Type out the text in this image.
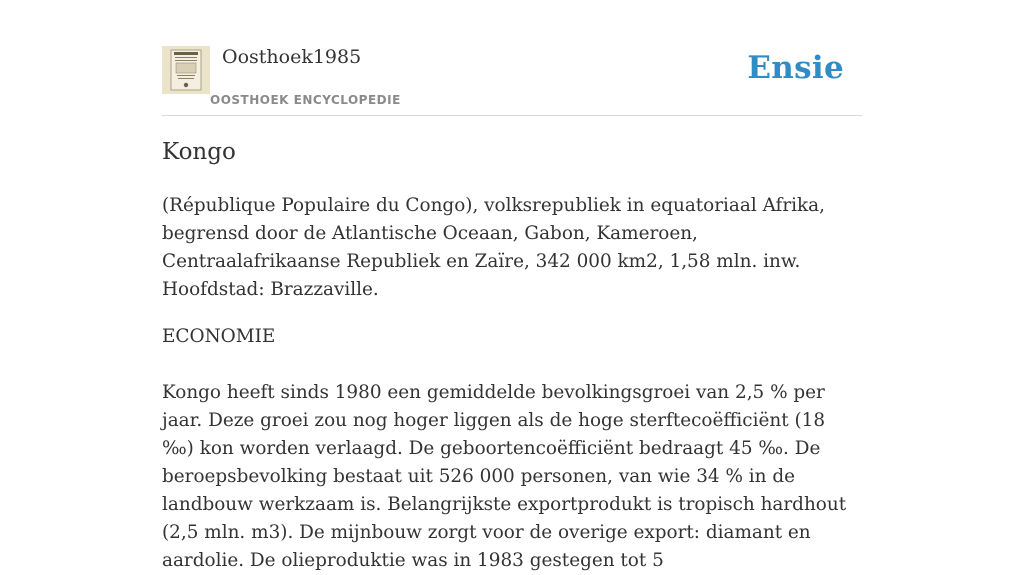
Oosthoek1985
OOSTHOEK ENCYCLOPEDIE
Ensie
Kongo

(République Populaire du Congo), volksrepubliek in equatoriaal Afrika, begrensd door de Atlantische Oceaan, Gabon, Kameroen, Centraalafrikaanse Republiek en Zaïre, 342 000 km2, 1,58 mln. inw. Hoofdstad: Brazzaville.

ECONOMIE

Kongo heeft sinds 1980 een gemiddelde bevolkingsgroei van 2,5 % per jaar. Deze groei zou nog hoger liggen als de hoge sterftecoëfficiënt (18 ‰) kon worden verlaagd. De geboortencoëfficiënt bedraagt 45 ‰. De beroepsbevolking bestaat uit 526 000 personen, van wie 34 % in de landbouw werkzaam is. Belangrijkste exportprodukt is tropisch hardhout (2,5 mln. m3). De mijnbouw zorgt voor de overige export: diamant en aardolie. De olieproduktie was in 1983 gestegen tot 5
